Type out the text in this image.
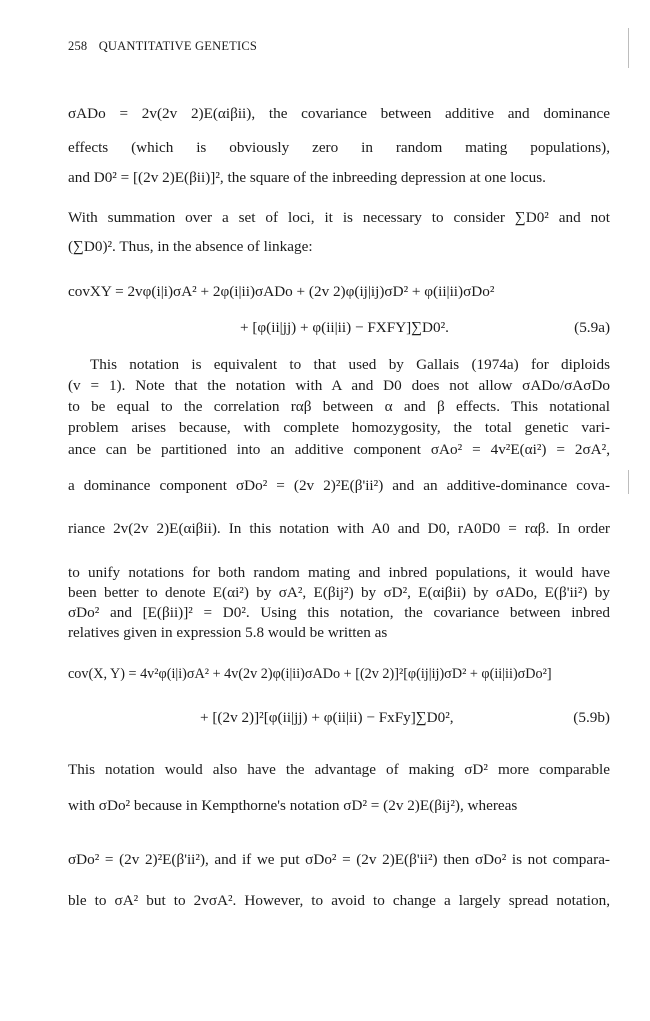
258 QUANTITATIVE GENETICS
σADo = 2v(2v 2)E(αiβii), the covariance between additive and dominance
effects (which is obviously zero in random mating populations),
and D0² = [(2v 2)E(βii)]², the square of the inbreeding depression at one locus.
With summation over a set of loci, it is necessary to consider ∑D0² and not
(∑D0)². Thus, in the absence of linkage:
covXY = 2vφ(i|i)σA² + 2φ(i|ii)σADo + (2v 2)φ(ij|ij)σD² + φ(ii|ii)σDo²
+ [φ(ii|jj) + φ(ii|ii) − FXFY]∑D0².	(5.9a)
This notation is equivalent to that used by Gallais (1974a) for diploids
(v = 1). Note that the notation with A and D0 does not allow σADo/σAσDo
to be equal to the correlation rαβ between α and β effects. This notational
problem arises because, with complete homozygosity, the total genetic vari-
ance can be partitioned into an additive component σAo² = 4v²E(αi²) = 2σA²,
a dominance component σDo² = (2v 2)²E(β'ii²) and an additive-dominance cova-
riance 2v(2v 2)E(αiβii). In this notation with A0 and D0, rA0D0 = rαβ. In order
to unify notations for both random mating and inbred populations, it would have
been better to denote E(αi²) by σA², E(βij²) by σD², E(αiβii) by σADo, E(β'ii²) by
σDo² and [E(βii)]² = D0². Using this notation, the covariance between inbred
relatives given in expression 5.8 would be written as
cov(X, Y) = 4v²φ(i|i)σA² + 4v(2v 2)φ(i|ii)σADo + [(2v 2)]²[φ(ij|ij)σD² + φ(ii|ii)σDo²]
+ [(2v 2)]²[φ(ii|jj) + φ(ii|ii) − FxFy]∑D0²,	(5.9b)
This notation would also have the advantage of making σD² more comparable
with σDo² because in Kempthorne's notation σD² = (2v 2)E(βij²), whereas
σDo² = (2v 2)²E(β'ii²), and if we put σDo² = (2v 2)E(β'ii²) then σDo² is not compara-
ble to σA² but to 2vσA². However, to avoid to change a largely spread notation,
